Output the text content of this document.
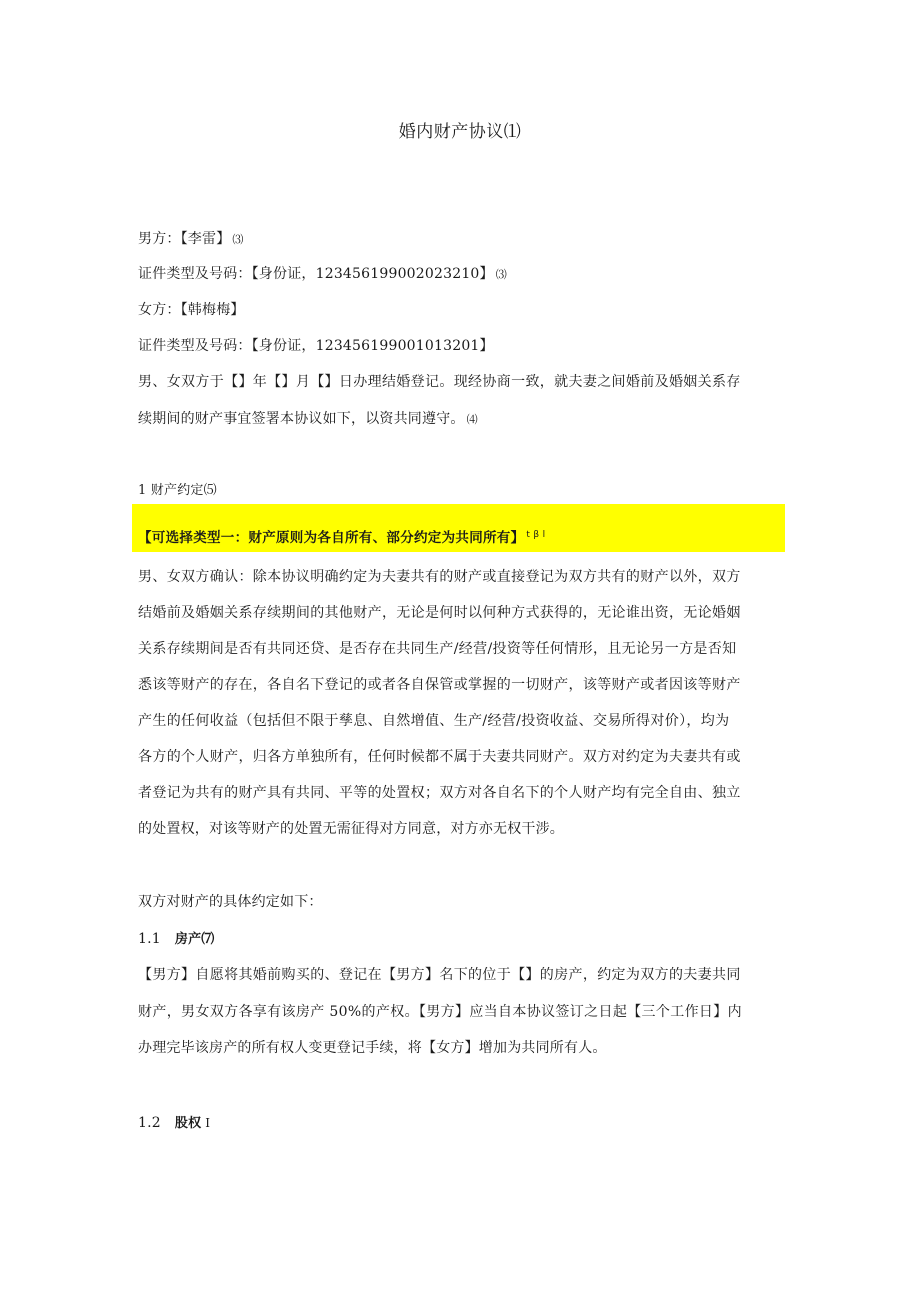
婚内财产协议⑴
男方：【李雷】 ⑶
证件类型及号码：【身份证，123456199002023210】 ⑶
女方：【韩梅梅】
证件类型及号码：【身份证，123456199001013201】
男、女双方于【】年【】月【】日办理结婚登记。现经协商一致，就夫妻之间婚前及婚姻关系存
续期间的财产事宜签署本协议如下，以资共同遵守。 ⑷
1 财产约定⑸
【可选择类型一：财产原则为各自所有、部分约定为共同所有】 $^{t \beta l}$
男、女双方确认：除本协议明确约定为夫妻共有的财产或直接登记为双方共有的财产以外，双方
结婚前及婚姻关系存续期间的其他财产，无论是何时以何种方式获得的，无论谁出资，无论婚姻
关系存续期间是否有共同还贷、是否存在共同生产/经营/投资等任何情形，且无论另一方是否知
悉该等财产的存在，各自名下登记的或者各自保管或掌握的一切财产，该等财产或者因该等财产
产生的任何收益（包括但不限于孳息、自然增值、生产/经营/投资收益、交易所得对价），均为
各方的个人财产，归各方单独所有，任何时候都不属于夫妻共同财产。双方对约定为夫妻共有或
者登记为共有的财产具有共同、平等的处置权；双方对各自名下的个人财产均有完全自由、独立
的处置权，对该等财产的处置无需征得对方同意，对方亦无权干涉。
双方对财产的具体约定如下：
1.1 房产⑺
【男方】自愿将其婚前购买的、登记在【男方】名下的位于【】的房产，约定为双方的夫妻共同
财产，男女双方各享有该房产 50%的产权。【男方】应当自本协议签订之日起【三个工作日】内
办理完毕该房产的所有权人变更登记手续，将【女方】增加为共同所有人。
1.2 股权 I
